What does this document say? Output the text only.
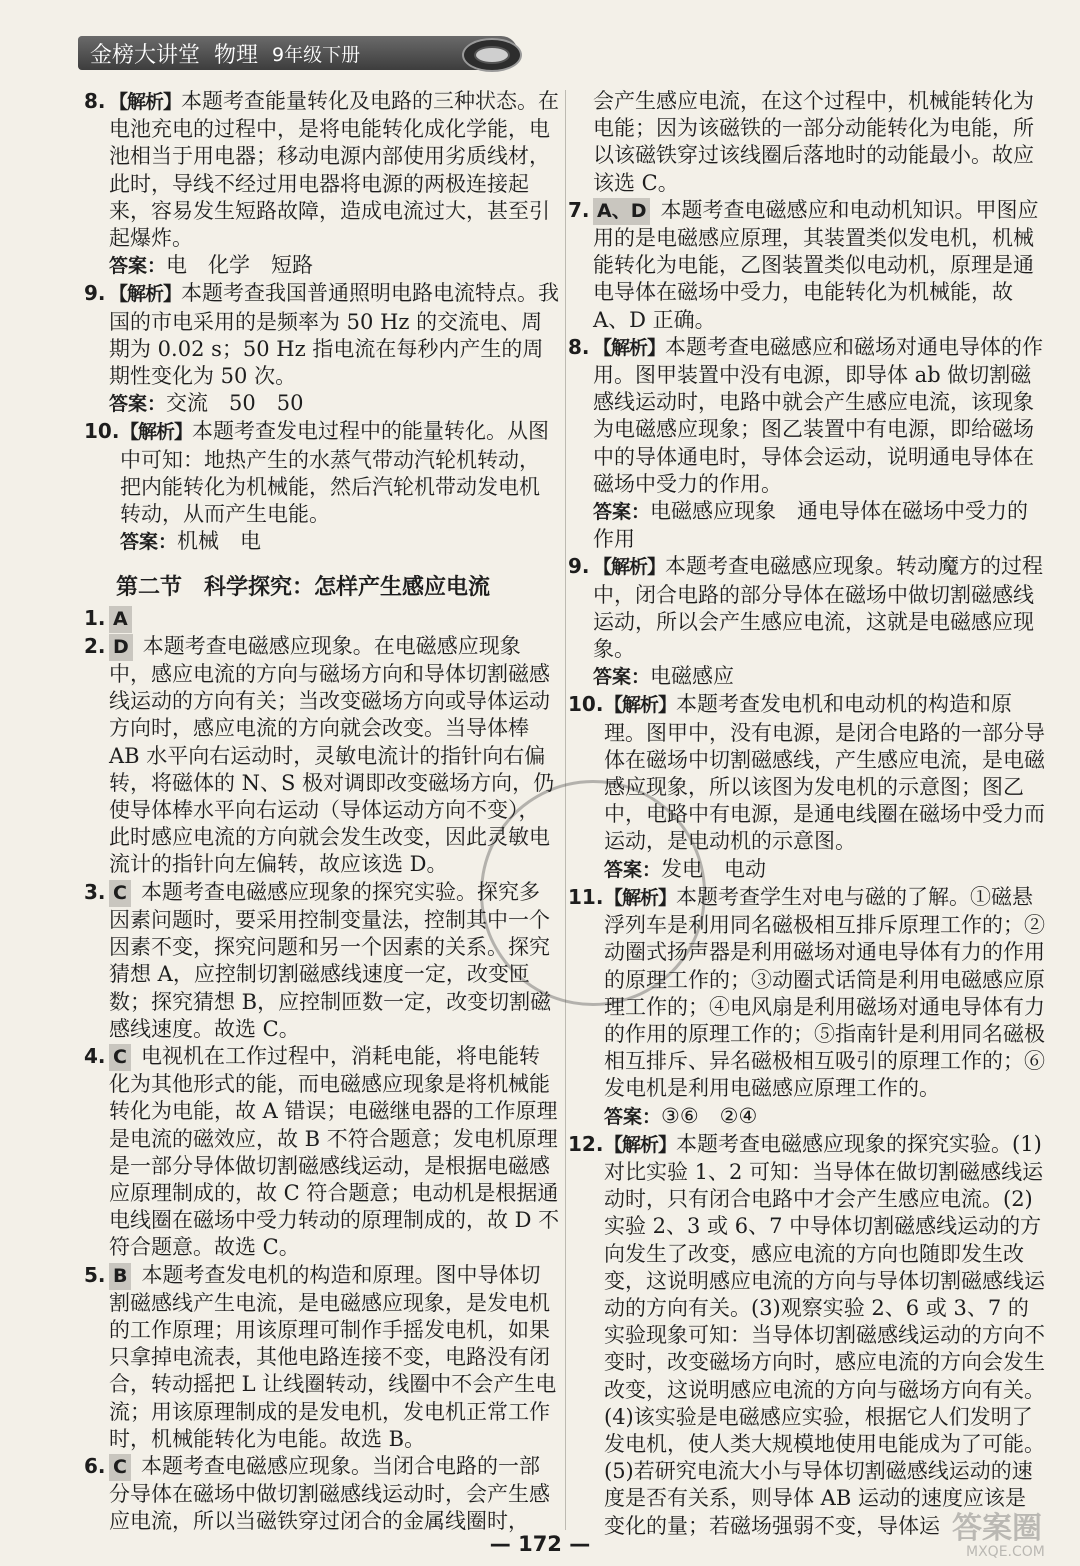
金榜大讲堂 物理 9年级下册
8. 【解析】本题考查能量转化及电路的三种状态。在电池充电的过程中，是将电能转化成化学能，电池相当于用电器；移动电源内部使用劣质线材，此时，导线不经过用电器将电源的两极连接起来，容易发生短路故障，造成电流过大，甚至引起爆炸。
答案：电　化学　短路
9. 【解析】本题考查我国普通照明电路电流特点。我国的市电采用的是频率为 50 Hz 的交流电、周期为 0.02 s；50 Hz 指电流在每秒内产生的周期性变化为 50 次。
答案：交流　50　50
10. 【解析】本题考查发电过程中的能量转化。从图中可知：地热产生的水蒸气带动汽轮机转动，把内能转化为机械能，然后汽轮机带动发电机转动，从而产生电能。
答案：机械　电
第二节　科学探究：怎样产生感应电流
1. A
2. D 本题考查电磁感应现象。在电磁感应现象中，感应电流的方向与磁场方向和导体切割磁感线运动的方向有关；当改变磁场方向或导体运动方向时，感应电流的方向就会改变。当导体棒 AB 水平向右运动时，灵敏电流计的指针向右偏转，将磁体的 N、S 极对调即改变磁场方向，仍使导体棒水平向右运动（导体运动方向不变），此时感应电流的方向就会发生改变，因此灵敏电流计的指针向左偏转，故应该选 D。
3. C 本题考查电磁感应现象的探究实验。探究多因素问题时，要采用控制变量法，控制其中一个因素不变，探究问题和另一个因素的关系。探究猜想 A，应控制切割磁感线速度一定，改变匝数；探究猜想 B，应控制匝数一定，改变切割磁感线速度。故选 C。
4. C 电视机在工作过程中，消耗电能，将电能转化为其他形式的能，而电磁感应现象是将机械能转化为电能，故 A 错误；电磁继电器的工作原理是电流的磁效应，故 B 不符合题意；发电机原理是一部分导体做切割磁感线运动，是根据电磁感应原理制成的，故 C 符合题意；电动机是根据通电线圈在磁场中受力转动的原理制成的，故 D 不符合题意。故选 C。
5. B 本题考查发电机的构造和原理。图中导体切割磁感线产生电流，是电磁感应现象，是发电机的工作原理；用该原理可制作手摇发电机，如果只拿掉电流表，其他电路连接不变，电路没有闭合，转动摇把 L 让线圈转动，线圈中不会产生电流；用该原理制成的是发电机，发电机正常工作时，机械能转化为电能。故选 B。
6. C 本题考查电磁感应现象。当闭合电路的一部分导体在磁场中做切割磁感线运动时，会产生感应电流，所以当磁铁穿过闭合的金属线圈时，
会产生感应电流，在这个过程中，机械能转化为电能；因为该磁铁的一部分动能转化为电能，所以该磁铁穿过该线圈后落地时的动能最小。故应该选 C。
7. A、D 本题考查电磁感应和电动机知识。甲图应用的是电磁感应原理，其装置类似发电机，机械能转化为电能，乙图装置类似电动机，原理是通电导体在磁场中受力，电能转化为机械能，故 A、D 正确。
8. 【解析】本题考查电磁感应和磁场对通电导体的作用。图甲装置中没有电源，即导体 ab 做切割磁感线运动时，电路中就会产生感应电流，该现象为电磁感应现象；图乙装置中有电源，即给磁场中的导体通电时，导体会运动，说明通电导体在磁场中受力的作用。
答案：电磁感应现象　通电导体在磁场中受力的作用
9. 【解析】本题考查电磁感应现象。转动魔方的过程中，闭合电路的部分导体在磁场中做切割磁感线运动，所以会产生感应电流，这就是电磁感应现象。
答案：电磁感应
10. 【解析】本题考查发电机和电动机的构造和原理。图甲中，没有电源，是闭合电路的一部分导体在磁场中切割磁感线，产生感应电流，是电磁感应现象，所以该图为发电机的示意图；图乙中，电路中有电源，是通电线圈在磁场中受力而运动，是电动机的示意图。
答案：发电　电动
11. 【解析】本题考查学生对电与磁的了解。①磁悬浮列车是利用同名磁极相互排斥原理工作的；②动圈式扬声器是利用磁场对通电导体有力的作用的原理工作的；③动圈式话筒是利用电磁感应原理工作的；④电风扇是利用磁场对通电导体有力的作用的原理工作的；⑤指南针是利用同名磁极相互排斥、异名磁极相互吸引的原理工作的；⑥发电机是利用电磁感应原理工作的。
答案：③⑥　②④
12. 【解析】本题考查电磁感应现象的探究实验。(1)对比实验 1、2 可知：当导体在做切割磁感线运动时，只有闭合电路中才会产生感应电流。(2)实验 2、3 或 6、7 中导体切割磁感线运动的方向发生了改变，感应电流的方向也随即发生改变，这说明感应电流的方向与导体切割磁感线运动的方向有关。(3)观察实验 2、6 或 3、7 的实验现象可知：当导体切割磁感线运动的方向不变时，改变磁场方向时，感应电流的方向会发生改变，这说明感应电流的方向与磁场方向有关。(4)该实验是电磁感应实验，根据它人们发明了发电机，使人类大规模地使用电能成为了可能。(5)若研究电流大小与导体切割磁感线运动的速度是否有关系，则导体 AB 运动的速度应该是变化的量；若磁场强弱不变，导体运
— 172 —	答案圈
MXQE.COM
